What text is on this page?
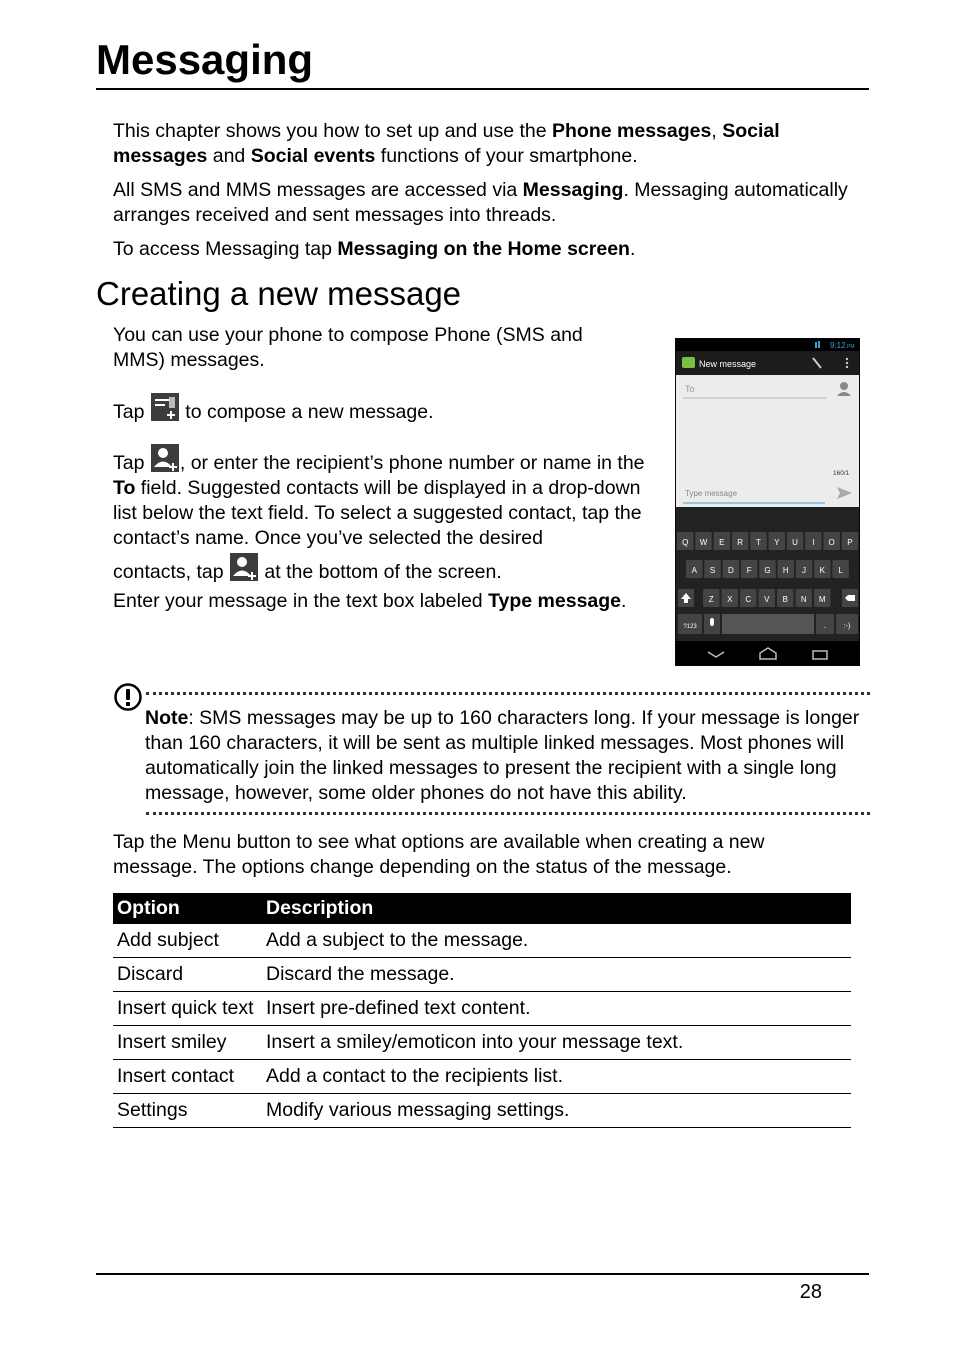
Messaging

This chapter shows you how to set up and use the Phone messages, Social messages and Social events functions of your smartphone.

All SMS and MMS messages are accessed via Messaging. Messaging automatically arranges received and sent messages into threads.

To access Messaging tap Messaging on the Home screen.

Creating a new message

You can use your phone to compose Phone (SMS and MMS) messages.

Tap  to compose a new message.

Tap , or enter the recipient’s phone number or name in the To field. Suggested contacts will be displayed in a drop-down list below the text field. To select a suggested contact, tap the contact’s name. Once you’ve selected the desired

contacts, tap  at the bottom of the screen.

Enter your message in the text box labeled Type message.

9:12 PM
New message
To
160/1
Type message
Q W E R T Y U I O P
A S D F G H J K L
Z X C V B N M
?123	. :-)

Note: SMS messages may be up to 160 characters long. If your message is longer than 160 characters, it will be sent as multiple linked messages. Most phones will automatically join the linked messages to present the recipient with a single long message, however, some older phones do not have this ability.

Tap the Menu button to see what options are available when creating a new message. The options change depending on the status of the message.

Option	Description
Add subject	Add a subject to the message.
Discard	Discard the message.
Insert quick text	Insert pre-defined text content.
Insert smiley	Insert a smiley/emoticon into your message text.
Insert contact	Add a contact to the recipients list.
Settings	Modify various messaging settings.
28
